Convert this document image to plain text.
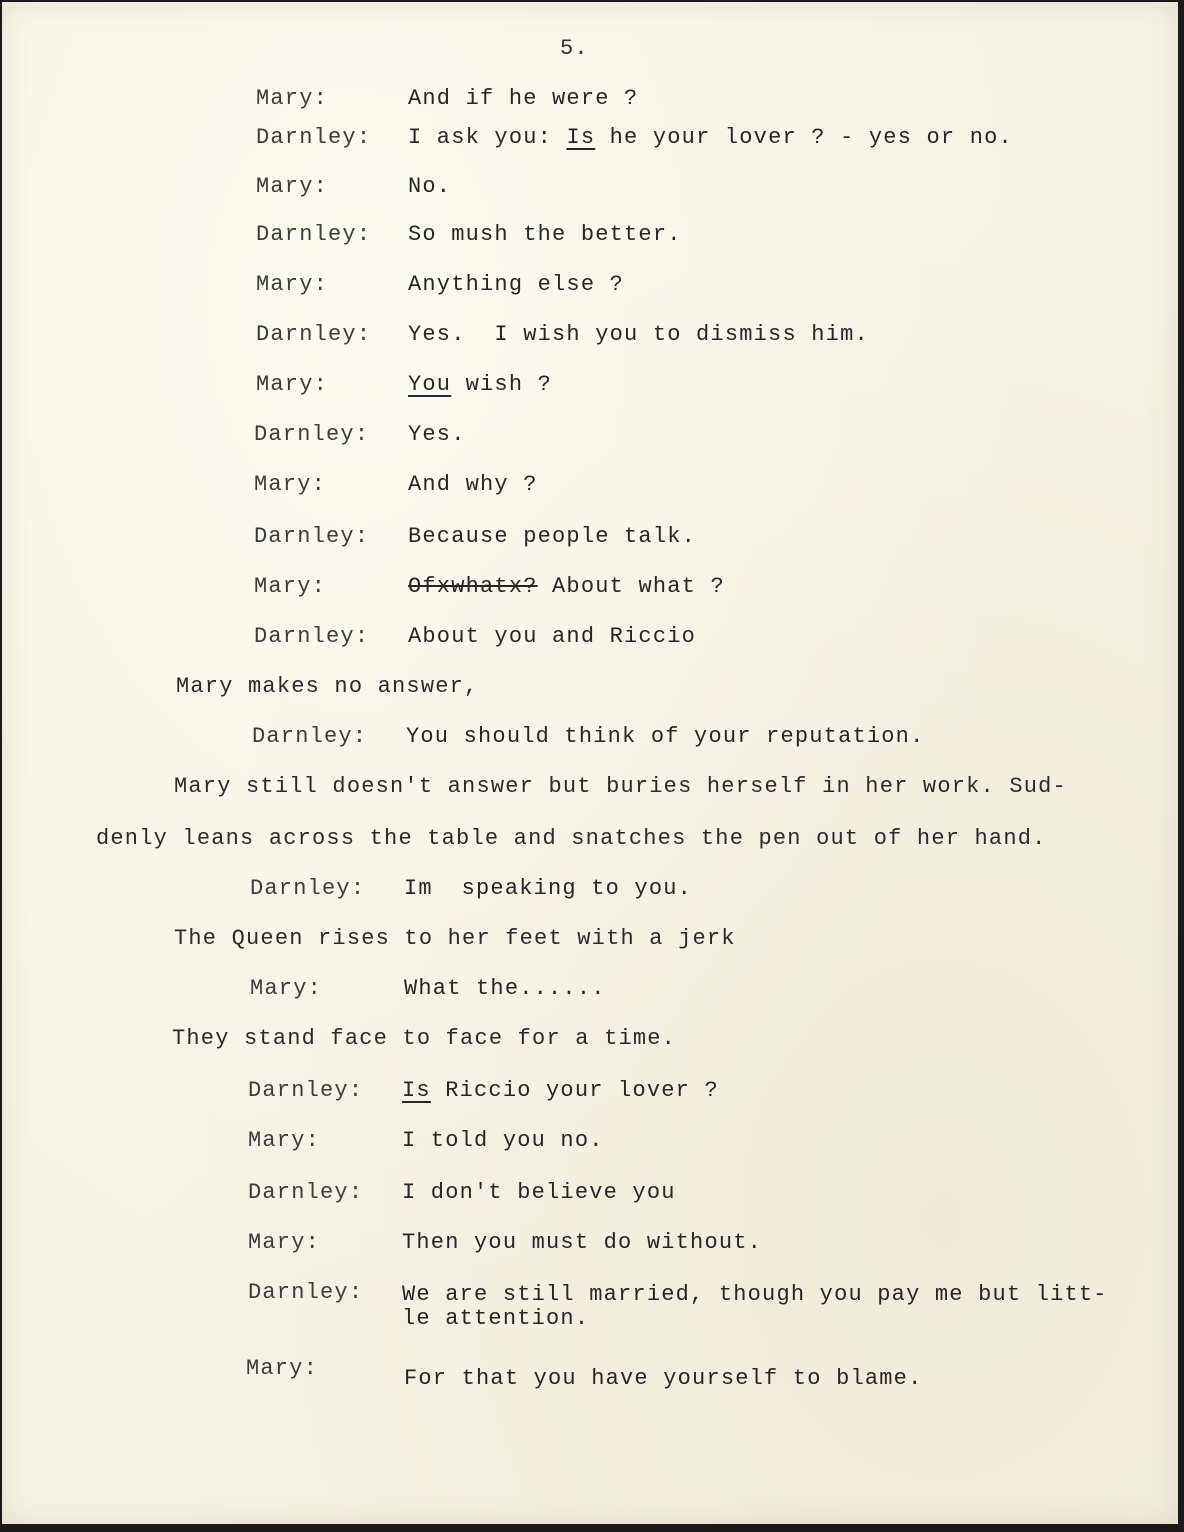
5.
Mary:	And if he were ?
Darnley: I ask you: Is he your lover ? - yes or no.
Mary:	No.
Darnley: So mush the better.
Mary:	Anything else ?
Darnley: Yes.  I wish you to dismiss him.
Mary:	You wish ?
Darnley: Yes.
Mary:	And why ?
Darnley: Because people talk.
Mary:	Ofxwhatx? About what ?
Darnley: About you and Riccio
Mary makes no answer,
Darnley: You should think of your reputation.
Mary still doesn't answer but buries herself in her work. Sud-
denly leans across the table and snatches the pen out of her hand.
Darnley: Im  speaking to you.
The Queen rises to her feet with a jerk
Mary:	What the......
They stand face to face for a time.
Darnley: Is Riccio your lover ?
Mary:	I told you no.
Darnley: I don't believe you
Mary:	Then you must do without.
Darnley: We are still married, though you pay me but litt-
le attention.
Mary:	For that you have yourself to blame.
